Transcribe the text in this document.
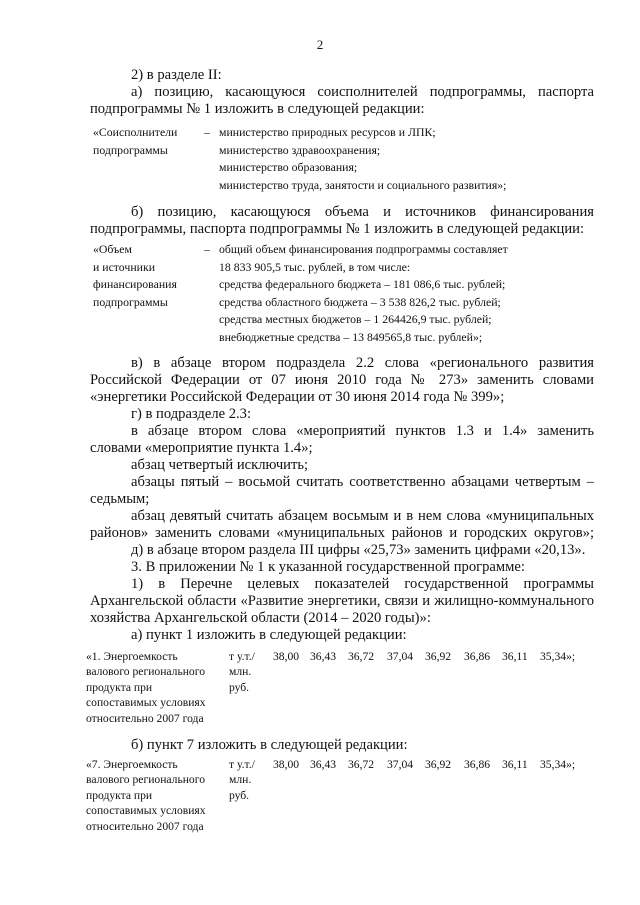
2
2) в разделе II:
а) позицию, касающуюся соисполнителей подпрограммы, паспорта
подпрограммы № 1 изложить в следующей редакции:
«Соисполнители
подпрограммы
– министерство природных ресурсов и ЛПК;
министерство здравоохранения;
министерство образования;
министерство труда, занятости и социального развития»;
б) позицию, касающуюся объема и источников финансирования
подпрограммы, паспорта подпрограммы № 1 изложить в следующей редакции:
«Объем
и источники
финансирования
подпрограммы
– общий объем финансирования подпрограммы составляет
18 833 905,5 тыс. рублей, в том числе:
средства федерального бюджета – 181 086,6 тыс. рублей;
средства областного бюджета – 3 538 826,2 тыс. рублей;
средства местных бюджетов – 1 264426,9 тыс. рублей;
внебюджетные средства – 13 849565,8 тыс. рублей»;
в) в абзаце втором подраздела 2.2 слова «регионального развития
Российской Федерации от 07 июня 2010 года № 273» заменить словами
«энергетики Российской Федерации от 30 июня 2014 года № 399»;
г) в подразделе 2.3:
в абзаце втором слова «мероприятий пунктов 1.3 и 1.4» заменить
словами «мероприятие пункта 1.4»;
абзац четвертый исключить;
абзацы пятый – восьмой считать соответственно абзацами четвертым –
седьмым;
абзац девятый считать абзацем восьмым и в нем слова «муниципальных
районов» заменить словами «муниципальных районов и городских округов»;
д) в абзаце втором раздела III цифры «25,73» заменить цифрами «20,13».
3. В приложении № 1 к указанной государственной программе:
1) в Перечне целевых показателей государственной программы
Архангельской области «Развитие энергетики, связи и жилищно-коммунального
хозяйства Архангельской области (2014 – 2020 годы)»:
а) пункт 1 изложить в следующей редакции:
«1. Энергоемкость
валового регионального
продукта при
сопоставимых условиях
относительно 2007 года
т у.т./
млн.
руб.
38,00 36,43 36,72 37,04 36,92 36,86 36,11 35,34»;
б) пункт 7 изложить в следующей редакции:
«7. Энергоемкость
валового регионального
продукта при
сопоставимых условиях
относительно 2007 года
т у.т./
млн.
руб.
38,00 36,43 36,72 37,04 36,92 36,86 36,11 35,34»;
